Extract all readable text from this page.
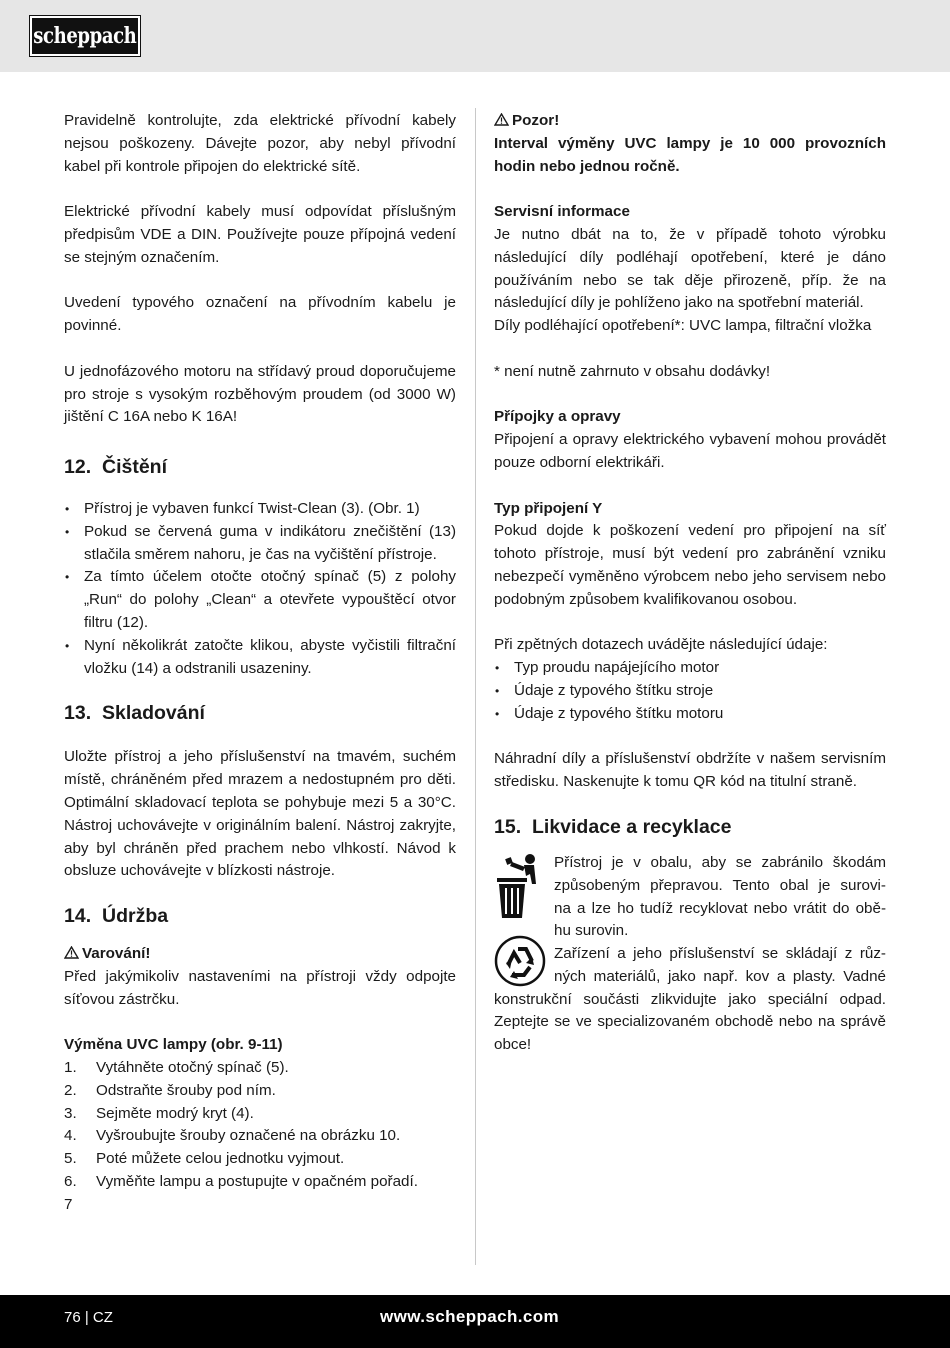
scheppach

Pravidelně kontrolujte, zda elektrické přívodní kabely nejsou poškozeny. Dávejte pozor, aby nebyl přívodní kabel při kontrole připojen do elektrické sítě.

Elektrické přívodní kabely musí odpovídat příslušným předpisům VDE a DIN. Používejte pouze přípojná vedení se stejným označením.

Uvedení typového označení na přívodním kabelu je povinné.

U jednofázového motoru na střídavý proud doporučujeme pro stroje s vysokým rozběhovým proudem (od 3000 W) jištění C 16A nebo K 16A!

12. Čištění
• Přístroj je vybaven funkcí Twist-Clean (3). (Obr. 1)
• Pokud se červená guma v indikátoru znečištění (13) stlačila směrem nahoru, je čas na vyčištění přístroje.
• Za tímto účelem otočte otočný spínač (5) z polohy „Run“ do polohy „Clean“ a otevřete vypouštěcí otvor filtru (12).
• Nyní několikrát zatočte klikou, abyste vyčistili filtrační vložku (14) a odstranili usazeniny.
13. Skladování

Uložte přístroj a jeho příslušenství na tmavém, suchém místě, chráněném před mrazem a nedostupném pro děti. Optimální skladovací teplota se pohybuje mezi 5 a 30°C. Nástroj uchovávejte v originálním balení. Nástroj zakryjte, aby byl chráněn před prachem nebo vlhkostí. Návod k obsluze uchovávejte v blízkosti nástroje.

14. Údržba
Varování!

Před jakýmikoliv nastaveními na přístroji vždy odpojte síťovou zástrčku.

Výměna UVC lampy (obr. 9-11)
1.	Vytáhněte otočný spínač (5).
2.	Odstraňte šrouby pod ním.
3.	Sejměte modrý kryt (4).
4.	Vyšroubujte šrouby označené na obrázku 10.
5.	Poté můžete celou jednotku vyjmout.
6.	Vyměňte lampu a postupujte v opačném pořadí.
7
Pozor!

Interval výměny UVC lampy je 10 000 provozních hodin nebo jednou ročně.

Servisní informace

Je nutno dbát na to, že v případě tohoto výrobku následující díly podléhají opotřebení, které je dáno používáním nebo se tak děje přirozeně, příp. že na následující díly je pohlíženo jako na spotřební materiál.

Díly podléhající opotřebení*: UVC lampa, filtrační vložka

* není nutně zahrnuto v obsahu dodávky!

Přípojky a opravy

Připojení a opravy elektrického vybavení mohou provádět pouze odborní elektrikáři.

Typ připojení Y

Pokud dojde k poškození vedení pro připojení na síť tohoto přístroje, musí být vedení pro zabránění vzniku nebezpečí vyměněno výrobcem nebo jeho servisem nebo podobným způsobem kvalifikovanou osobou.

Při zpětných dotazech uvádějte následující údaje:

• Typ proudu napájejícího motor
• Údaje z typového štítku stroje
• Údaje z typového štítku motoru

Náhradní díly a příslušenství obdržíte v našem servisním středisku. Naskenujte k tomu QR kód na titulní straně.

15. Likvidace a recyklace
Přístroj je v obalu, aby se zabránilo škodám
způsobeným přepravou. Tento obal je surovi-
na a lze ho tudíž recyklovat nebo vrátit do obě-
hu surovin.
Zařízení a jeho příslušenství se skládají z růz-
ných materiálů, jako např. kov a plasty. Vadné

konstrukční součásti zlikvidujte jako speciální odpad. Zeptejte se ve specializovaném obchodě nebo na správě obce!

76 | CZ	www.scheppach.com
